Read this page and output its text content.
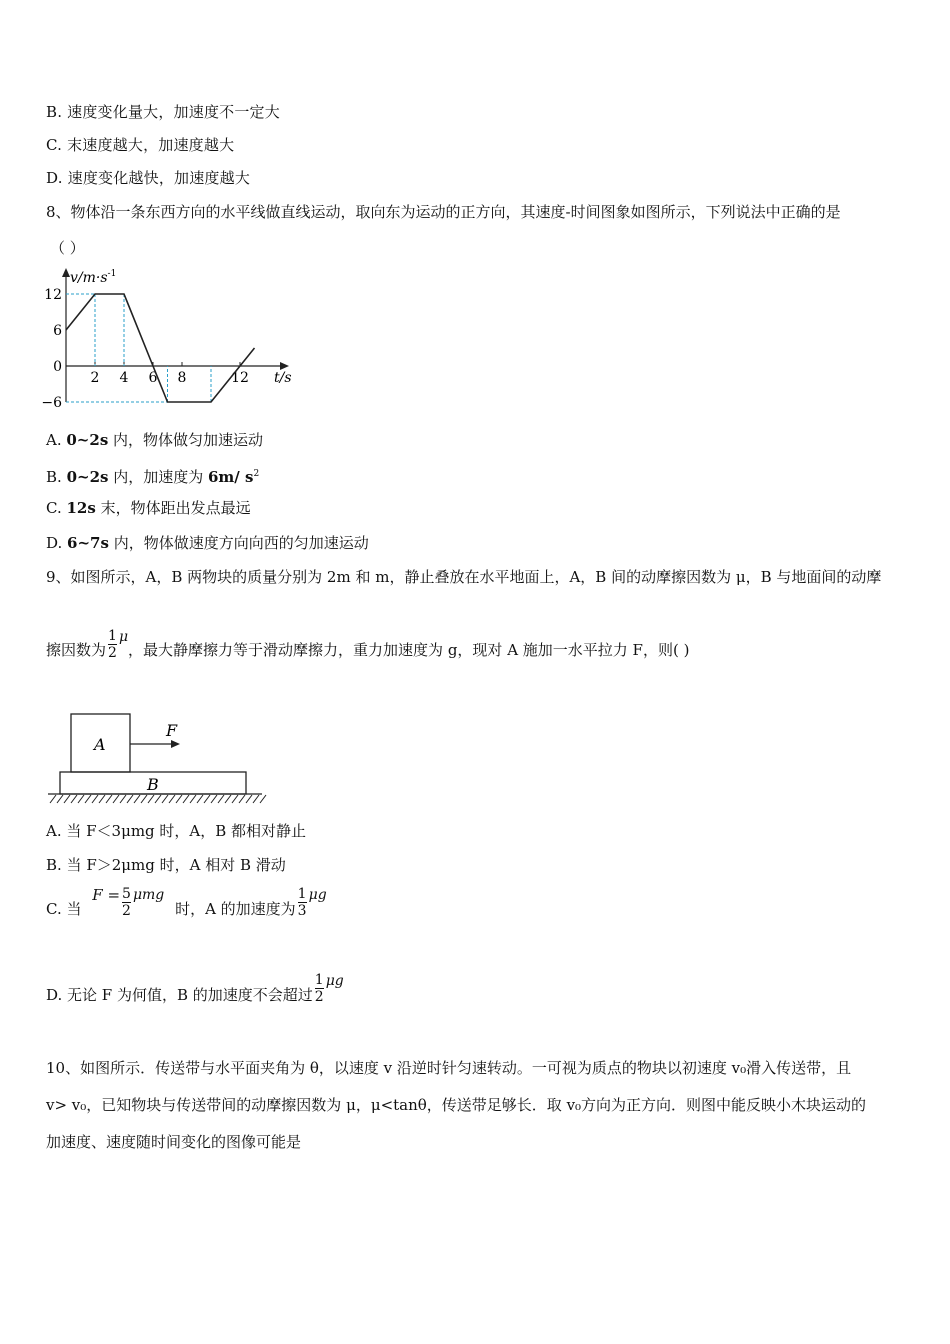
B. 速度变化量大，加速度不一定大
C. 末速度越大，加速度越大
D. 速度变化越快，加速度越大
8、物体沿一条东西方向的水平线做直线运动，取向东为运动的正方向，其速度-时间图象如图所示，下列说法中正确的是
（ ）
$v/m\cdot s^{-1}$
t/s
12
6
0
−6
2 4 6 8	12
A. 0~2s 内，物体做匀加速运动
B. 0~2s 内，加速度为 6m/ $s^2$
C. 12s 末，物体距出发点最远
D. 6~7s 内，物体做速度方向向西的匀加速运动
9、如图所示，A，B 两物块的质量分别为 2m 和 m，静止叠放在水平地面上，A，B 间的动摩擦因数为 μ，B 与地面间的动摩
擦因数为 $\frac{1}{2}$ μ，最大静摩擦力等于滑动摩擦力，重力加速度为 g，现对 A 施加一水平拉力 F，则( )
A
F
B
A. 当 F＜3μmg 时，A，B 都相对静止
B. 当 F＞2μmg 时，A 相对 B 滑动
C. 当 $F = \frac{5}{2}$ μmg 时，A 的加速度为 $\frac{1}{3}$ μg
D. 无论 F 为何值，B 的加速度不会超过 $\frac{1}{2}$ μg
10、如图所示．传送带与水平面夹角为 θ，以速度 v 沿逆时针匀速转动。一可视为质点的物块以初速度 v₀滑入传送带，且
v> v₀，已知物块与传送带间的动摩擦因数为 μ，μ<tanθ，传送带足够长．取 v₀方向为正方向．则图中能反映小木块运动的
加速度、速度随时间变化的图像可能是
